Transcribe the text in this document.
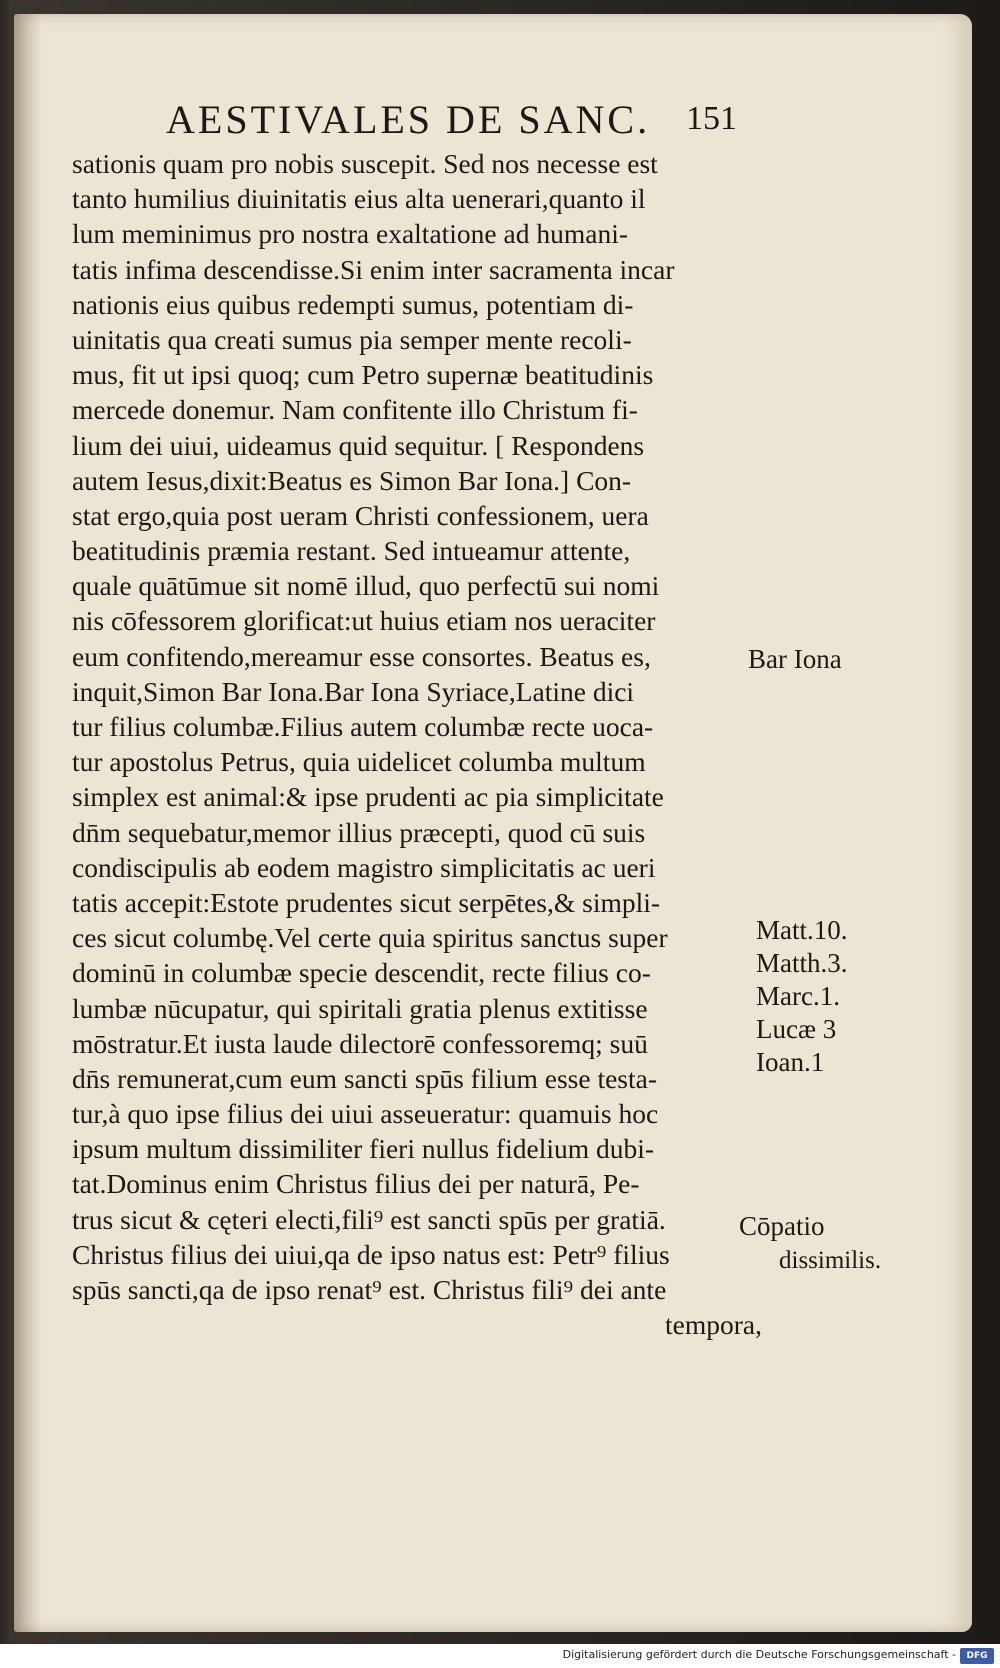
AESTIVALES DE SANC. 151
sationis quam pro nobis suscepit. Sed nos necesse est
tanto humilius diuinitatis eius alta uenerari,quanto il
lum meminimus pro nostra exaltatione ad humani-
tatis infima descendisse.Si enim inter sacramenta incar
nationis eius quibus redempti sumus, potentiam di-
uinitatis qua creati sumus pia semper mente recoli-
mus, fit ut ipsi quoq; cum Petro supernæ beatitudinis
mercede donemur. Nam confitente illo Christum fi-
lium dei uiui, uideamus quid sequitur. [ Respondens
autem Iesus,dixit:Beatus es Simon Bar Iona.] Con-
stat ergo,quia post ueram Christi confessionem, uera
beatitudinis præmia restant. Sed intueamur attente,
quale quātūmue sit nomē illud, quo perfectū sui nomi
nis cōfessorem glorificat:ut huius etiam nos ueraciter
eum confitendo,mereamur esse consortes. Beatus es,
inquit,Simon Bar Iona.Bar Iona Syriace,Latine dici
tur filius columbæ.Filius autem columbæ recte uoca-
tur apostolus Petrus, quia uidelicet columba multum
simplex est animal:& ipse prudenti ac pia simplicitate
dn̄m sequebatur,memor illius præcepti, quod cū suis
condiscipulis ab eodem magistro simplicitatis ac ueri
tatis accepit:Estote prudentes sicut serpētes,& simpli-
ces sicut columbę.Vel certe quia spiritus sanctus super
dominū in columbæ specie descendit, recte filius co-
lumbæ nūcupatur, qui spiritali gratia plenus extitisse
mōstratur.Et iusta laude dilectorē confessoremq; suū
dn̄s remunerat,cum eum sancti spūs filium esse testa-
tur,à quo ipse filius dei uiui asseueratur: quamuis hoc
ipsum multum dissimiliter fieri nullus fidelium dubi-
tat.Dominus enim Christus filius dei per naturā, Pe-
trus sicut & cęteri electi,fili⁹ est sancti spūs per gratiā.
Christus filius dei uiui,qa de ipso natus est: Petr⁹ filius
spūs sancti,qa de ipso renat⁹ est. Christus fili⁹ dei ante
tempora,
Bar Iona
Matt.10.
Matth.3.
Marc.1.
Lucæ 3
Ioan.1
Cōpatio
dissimilis.
Digitalisierung gefördert durch die Deutsche Forschungsgemeinschaft -	DFG
